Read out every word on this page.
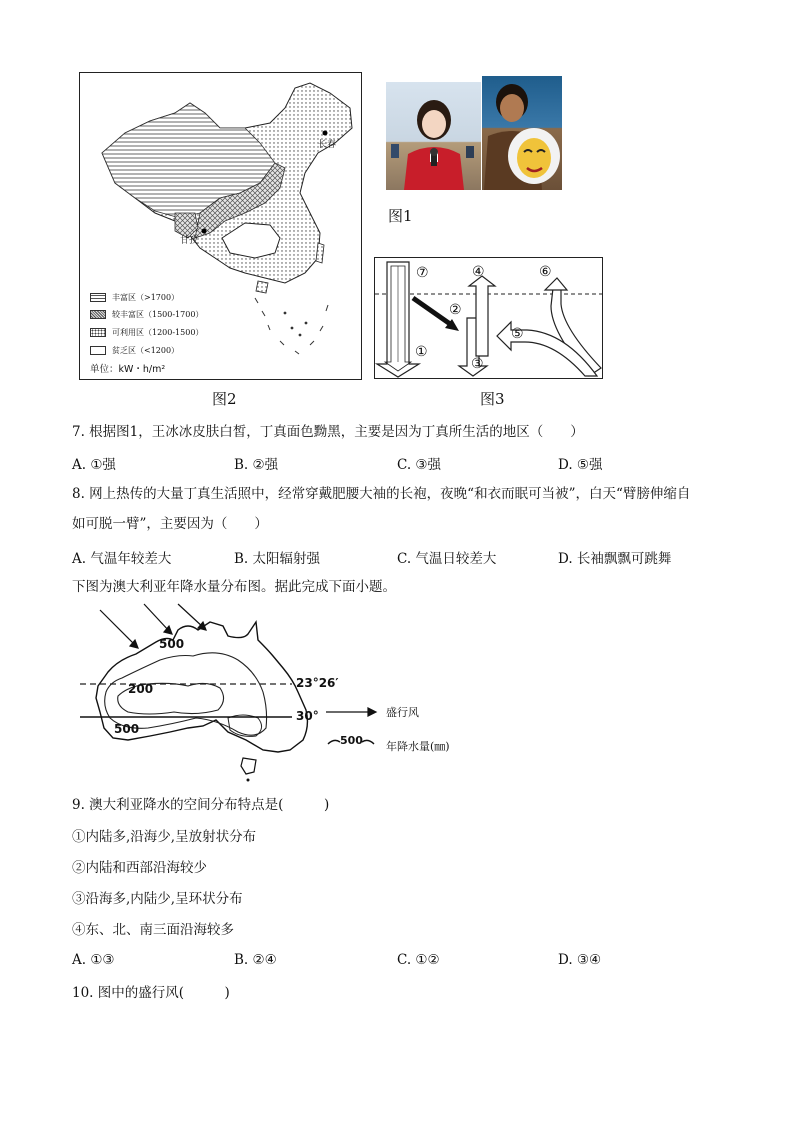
长春
甘孜
丰富区（>1700）
较丰富区（1500-1700）
可利用区（1200-1500）
贫乏区（<1200）
单位：kW・h/m²
图2
图1
⑦	④	⑥
②
⑤
①
③
图3
7. 根据图1，王冰冰皮肤白皙，丁真面色黝黑，主要是因为丁真所生活的地区（　　）
A. ①强	B. ②强	C. ③强	D. ⑤强
8. 网上热传的大量丁真生活照中，经常穿戴肥腰大袖的长袍，夜晚“和衣而眠可当被”，白天“臂膀伸缩自
如可脱一臂”，主要因为（　　）
A. 气温年较差大	B. 太阳辐射强	C. 气温日较差大	D. 长袖飘飘可跳舞
下图为澳大利亚年降水量分布图。据此完成下面小题。
500
200
500
23°26′
30°	盛行风
500 年降水量(㎜)
9. 澳大利亚降水的空间分布特点是(　　　)
①内陆多,沿海少,呈放射状分布
②内陆和西部沿海较少
③沿海多,内陆少,呈环状分布
④东、北、南三面沿海较多
A. ①③	B. ②④	C. ①②	D. ③④
10. 图中的盛行风(　　　)
